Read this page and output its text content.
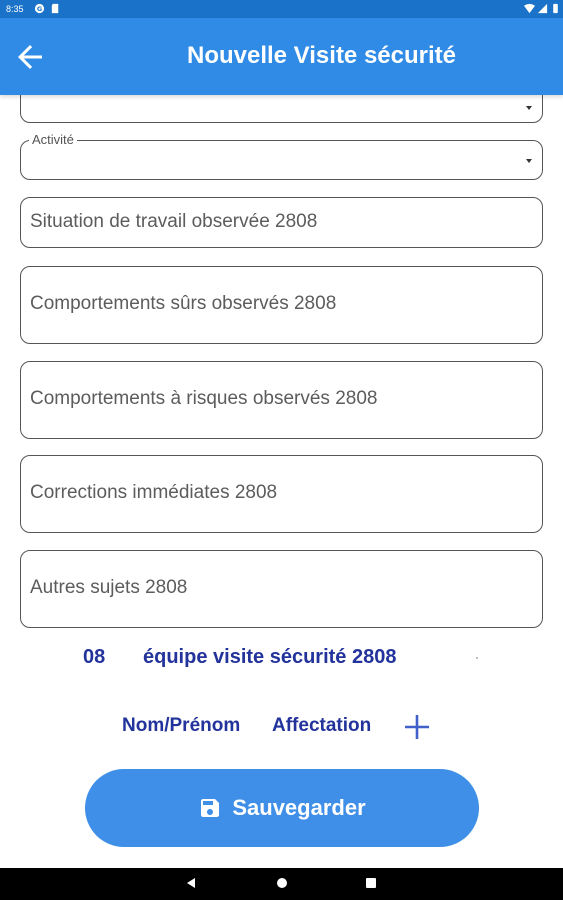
8:35 G
Nouvelle Visite sécurité
Activité
Situation de travail observée 2808
Comportements sûrs observés 2808
Comportements à risques observés 2808
Corrections immédiates 2808
Autres sujets 2808
08 équipe visite sécurité 2808
Nom/Prénom Affectation
Sauvegarder
